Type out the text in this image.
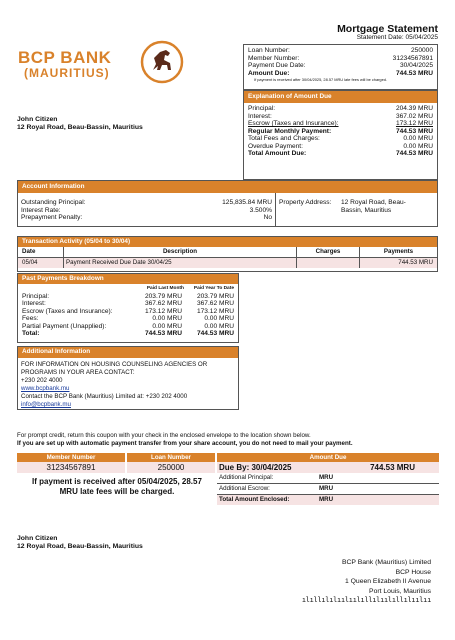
BCP BANK
(MAURITIUS)
Mortgage Statement
Statement Date: 05/04/2025
Loan Number:	250000
Member Number:	31234567891
Payment Due Date:	30/04/2025
Amount Due:	744.53 MRU
If payment is received after 30/04/2025, 28.57 MRU late fees will be charged.
Explanation of Amount Due
Principal:	204.39 MRU
Interest:	367.02 MRU
Escrow (Taxes and Insurance):	173.12 MRU
Regular Monthly Payment:	744.53 MRU
Total Fees and Charges:	0.00 MRU
Overdue Payment:	0.00 MRU
Total Amount Due:	744.53 MRU
John Citizen
12 Royal Road, Beau-Bassin, Mauritius
Account Information
Outstanding Principal:	125,835.84 MRU
Interest Rate:	3.500%
Prepayment Penalty:	No
Property Address:	12 Royal Road, Beau-Bassin, Mauritius
Transaction Activity (05/04 to 30/04)
Date	Description	Charges	Payments
05/04	Payment Received Due Date 30/04/25		744.53 MRU
Past Payments Breakdown
Paid Last Month Paid Year To Date
Principal:	203.79 MRU	203.79 MRU
Interest:	367.62 MRU	367.62 MRU
Escrow (Taxes and Insurance):	173.12 MRU	173.12 MRU
Fees:	0.00 MRU	0.00 MRU
Partial Payment (Unapplied):	0.00 MRU	0.00 MRU
Total:	744.53 MRU	744.53 MRU
Additional Information
FOR INFORMATION ON HOUSING COUNSELING AGENCIES OR PROGRAMS IN YOUR AREA CONTACT:
+230 202 4000
www.bcpbank.mu
Contact the BCP Bank (Mauritius) Limited at: +230 202 4000
info@bcpbank.mu
For prompt credit, return this coupon with your check in the enclosed envelope to the location shown below.
If you are set up with automatic payment transfer from your share account, you do not need to mail your payment.
Member Number	Loan Number	Amount Due
31234567891	250000	Due By: 30/04/2025	744.53 MRU
If payment is received after 05/04/2025, 28.57 MRU late fees will be charged.
Additional Principal:	MRU
Additional Escrow:	MRU
Total Amount Enclosed:	MRU
John Citizen
12 Royal Road, Beau-Bassin, Mauritius
BCP Bank (Mauritius) Limited
BCP House
1 Queen Elizabeth II Avenue
Port Louis, Mauritius
ılıllılılıılıılıllılıılıllılıılıı
